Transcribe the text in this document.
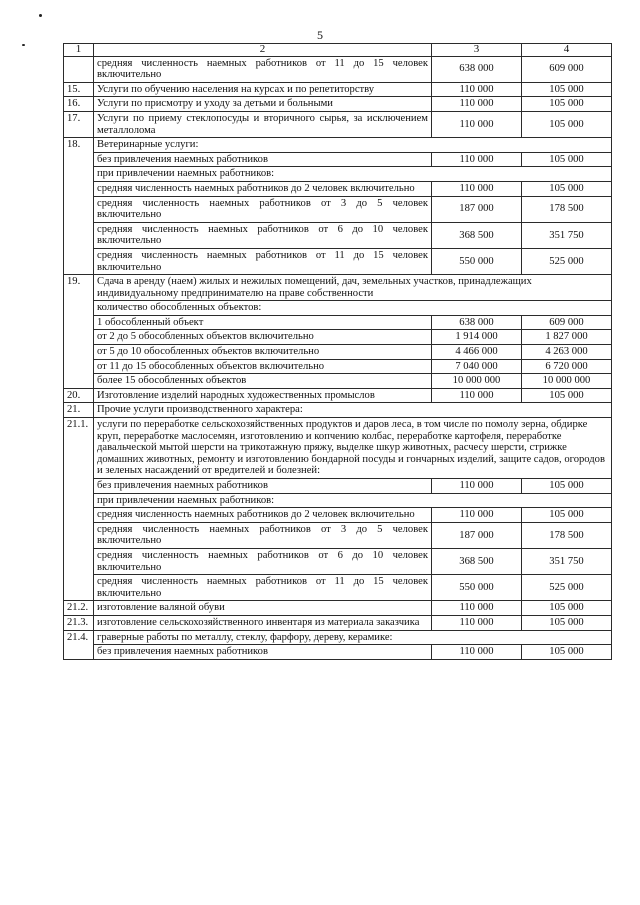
5
1	2	3	4
	средняя численность наемных работников от 11 до 15 человек включительно	638 000	609 000
15.	Услуги по обучению населения на курсах и по репетиторству	110 000	105 000
16.	Услуги по присмотру и уходу за детьми и больными	110 000	105 000
17.	Услуги по приему стеклопосуды и вторичного сырья, за исключением металлолома	110 000	105 000
18.	Ветеринарные услуги:		
	без привлечения наемных работников	110 000	105 000
	при привлечении наемных работников:		
	средняя численность наемных работников до 2 человек включительно	110 000	105 000
	средняя численность наемных работников от 3 до 5 человек включительно	187 000	178 500
	средняя численность наемных работников от 6 до 10 человек включительно	368 500	351 750
	средняя численность наемных работников от 11 до 15 человек включительно	550 000	525 000
19.	Сдача в аренду (наем) жилых и нежилых помещений, дач, земельных участков, принадлежащих индивидуальному предпринимателю на праве собственности		
	количество обособленных объектов:		
	1 обособленный объект	638 000	609 000
	от 2 до 5 обособленных объектов включительно	1 914 000	1 827 000
	от 5 до 10 обособленных объектов включительно	4 466 000	4 263 000
	от 11 до 15 обособленных объектов включительно	7 040 000	6 720 000
	более 15 обособленных объектов	10 000 000	10 000 000
20.	Изготовление изделий народных художественных промыслов	110 000	105 000
21.	Прочие услуги производственного характера:		
21.1.	услуги по переработке сельскохозяйственных продуктов и даров леса, в том числе по помолу зерна, обдирке круп, переработке маслосемян, изготовлению и копчению колбас, переработке картофеля, переработке давальческой мытой шерсти на трикотажную пряжу, выделке шкур животных, расчесу шерсти, стрижке домашних животных, ремонту и изготовлению бондарной посуды и гончарных изделий, защите садов, огородов и зеленых насаждений от вредителей и болезней:		
	без привлечения наемных работников	110 000	105 000
	при привлечении наемных работников:		
	средняя численность наемных работников до 2 человек включительно	110 000	105 000
	средняя численность наемных работников от 3 до 5 человек включительно	187 000	178 500
	средняя численность наемных работников от 6 до 10 человек включительно	368 500	351 750
	средняя численность наемных работников от 11 до 15 человек включительно	550 000	525 000
21.2.	изготовление валяной обуви	110 000	105 000
21.3.	изготовление сельскохозяйственного инвентаря из материала заказчика	110 000	105 000
21.4.	граверные работы по металлу, стеклу, фарфору, дереву, керамике:		
	без привлечения наемных работников	110 000	105 000
